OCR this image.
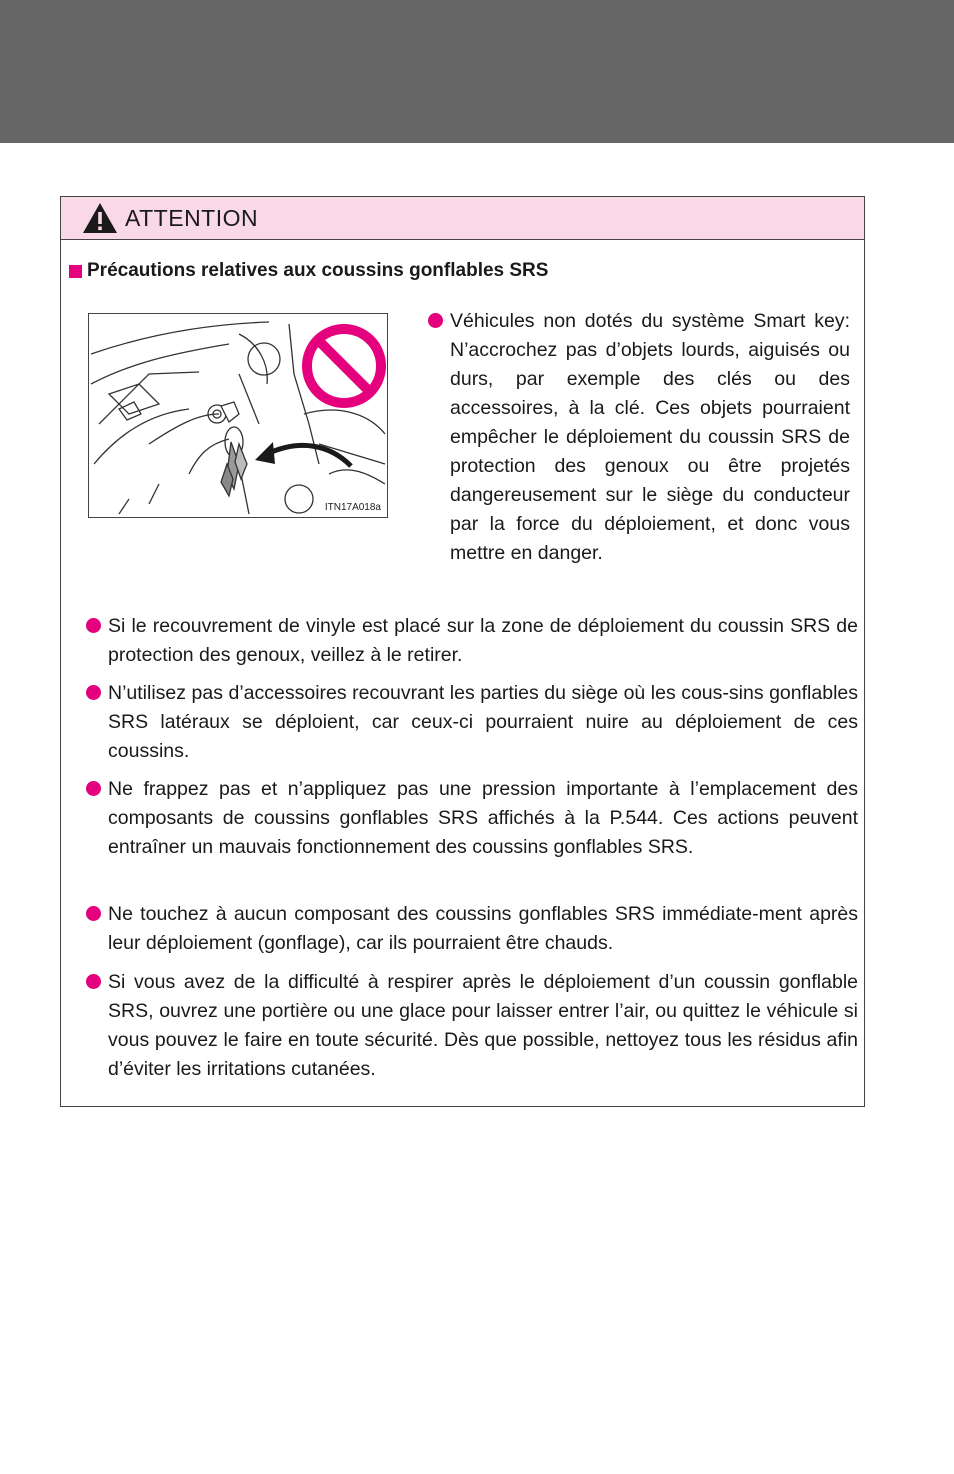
ATTENTION
Précautions relatives aux coussins gonflables SRS
ITN17A018a
Véhicules non dotés du système Smart key: N’accrochez pas d’objets lourds, aiguisés ou durs, par exemple des clés ou des accessoires, à la clé. Ces objets pourraient empêcher le déploiement du coussin SRS de protection des genoux ou être projetés dangereusement sur le siège du conducteur par la force du déploiement, et donc vous mettre en danger.
Si le recouvrement de vinyle est placé sur la zone de déploiement du coussin SRS de protection des genoux, veillez à le retirer.
N’utilisez pas d’accessoires recouvrant les parties du siège où les cous-sins gonflables SRS latéraux se déploient, car ceux-ci pourraient nuire au déploiement de ces coussins.
Ne frappez pas et n’appliquez pas une pression importante à l’emplacement des composants de coussins gonflables SRS affichés à la P.544. Ces actions peuvent entraîner un mauvais fonctionnement des coussins gonflables SRS.
Ne touchez à aucun composant des coussins gonflables SRS immédiate-ment après leur déploiement (gonflage), car ils pourraient être chauds.
Si vous avez de la difficulté à respirer après le déploiement d’un coussin gonflable SRS, ouvrez une portière ou une glace pour laisser entrer l’air, ou quittez le véhicule si vous pouvez le faire en toute sécurité. Dès que possible, nettoyez tous les résidus afin d’éviter les irritations cutanées.
